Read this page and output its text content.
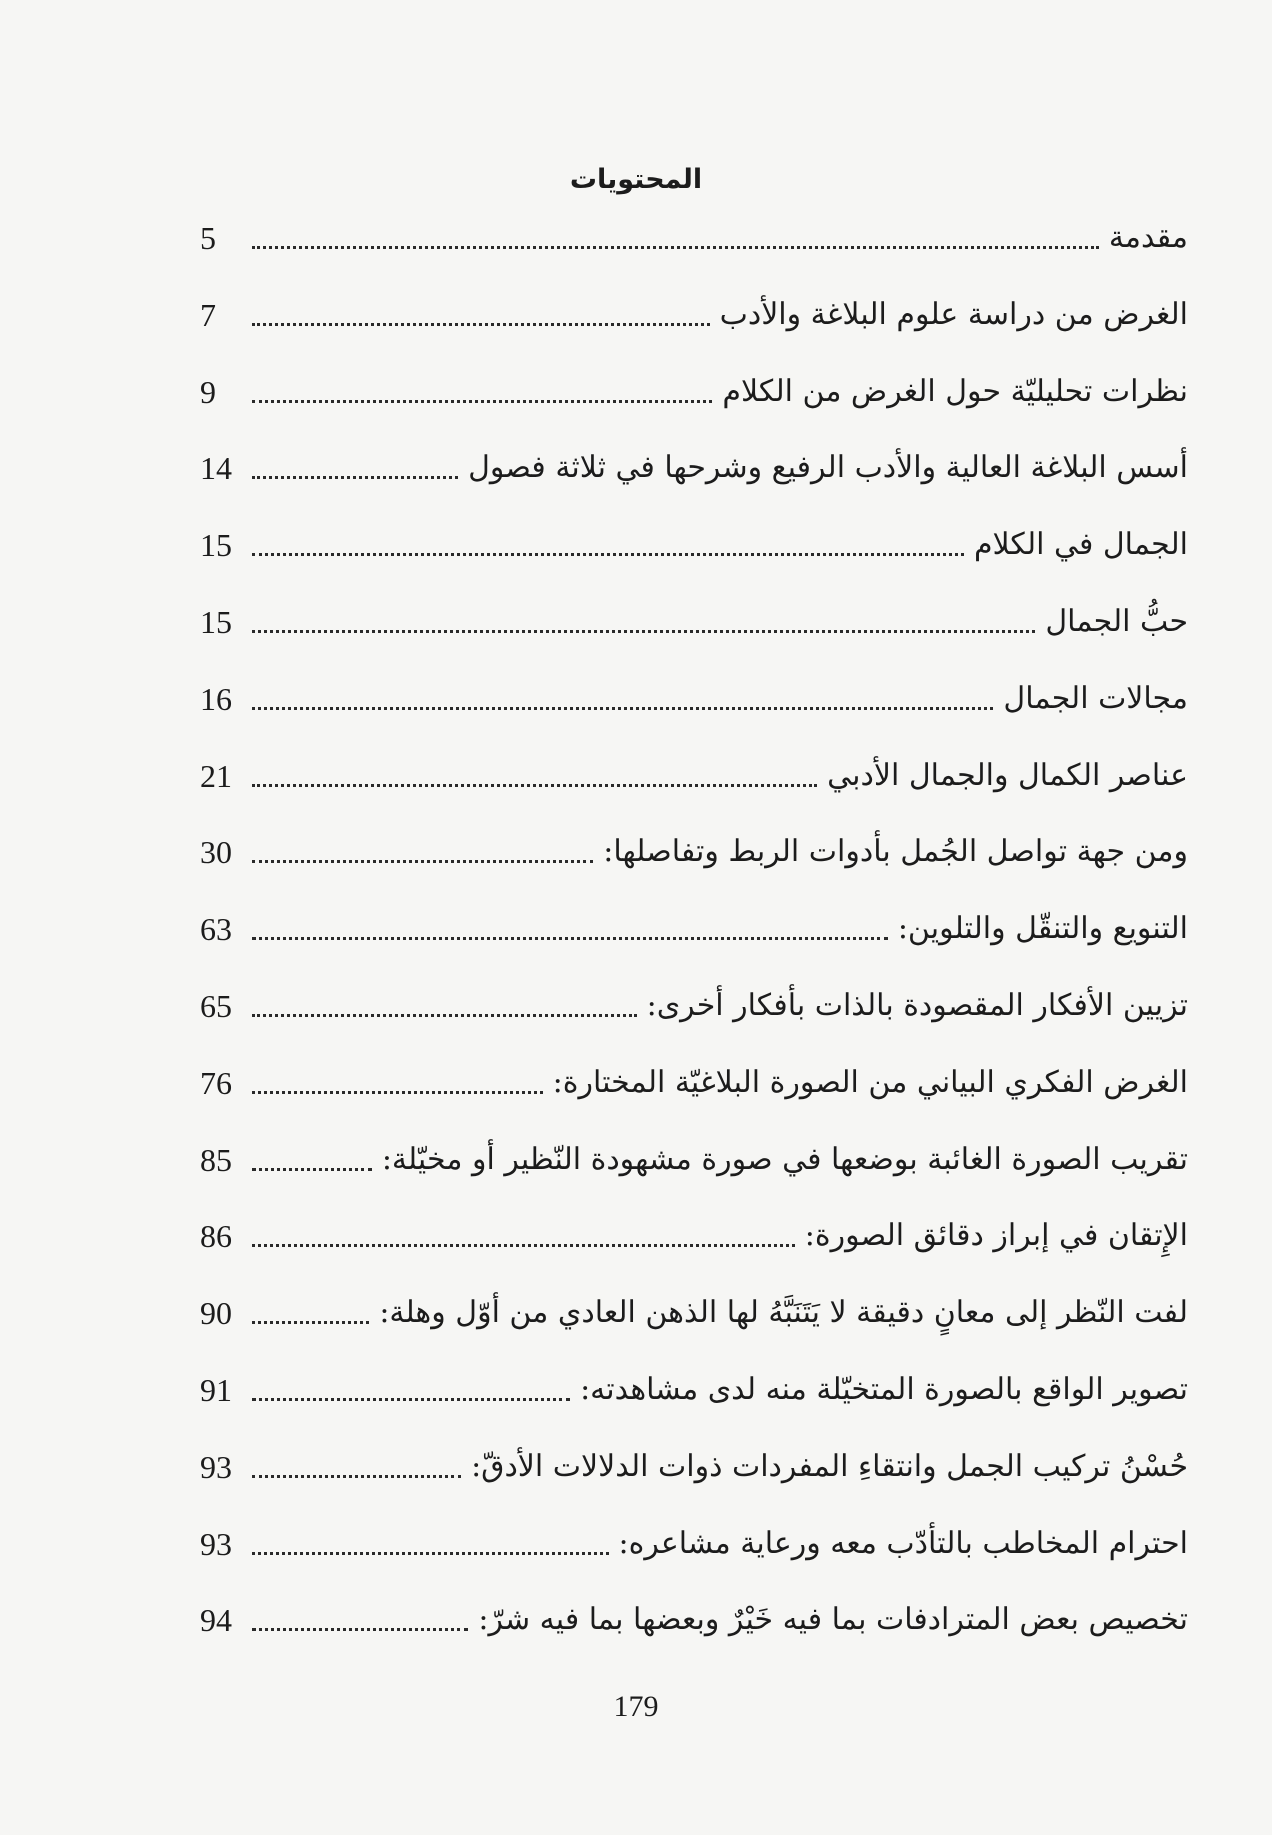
المحتويات
مقدمة
5
الغرض من دراسة علوم البلاغة والأدب
7
نظرات تحليليّة حول الغرض من الكلام
9
أسس البلاغة العالية والأدب الرفيع وشرحها في ثلاثة فصول
14
الجمال في الكلام
15
حبُّ الجمال
15
مجالات الجمال
16
عناصر الكمال والجمال الأدبي
21
ومن جهة تواصل الجُمل بأدوات الربط وتفاصلها:
30
التنويع والتنقّل والتلوين:
63
تزيين الأفكار المقصودة بالذات بأفكار أخرى:
65
الغرض الفكري البياني من الصورة البلاغيّة المختارة:
76
تقريب الصورة الغائبة بوضعها في صورة مشهودة النّظير أو مخيّلة:
85
الإِتقان في إبراز دقائق الصورة:
86
لفت النّظر إلى معانٍ دقيقة لا يَتَنَبَّهُ لها الذهن العادي من أوّل وهلة:
90
تصوير الواقع بالصورة المتخيّلة منه لدى مشاهدته:
91
حُسْنُ تركيب الجمل وانتقاءِ المفردات ذوات الدلالات الأدقّ:
93
احترام المخاطب بالتأدّب معه ورعاية مشاعره:
93
تخصيص بعض المترادفات بما فيه خَيْرٌ وبعضها بما فيه شرّ:
94
179
